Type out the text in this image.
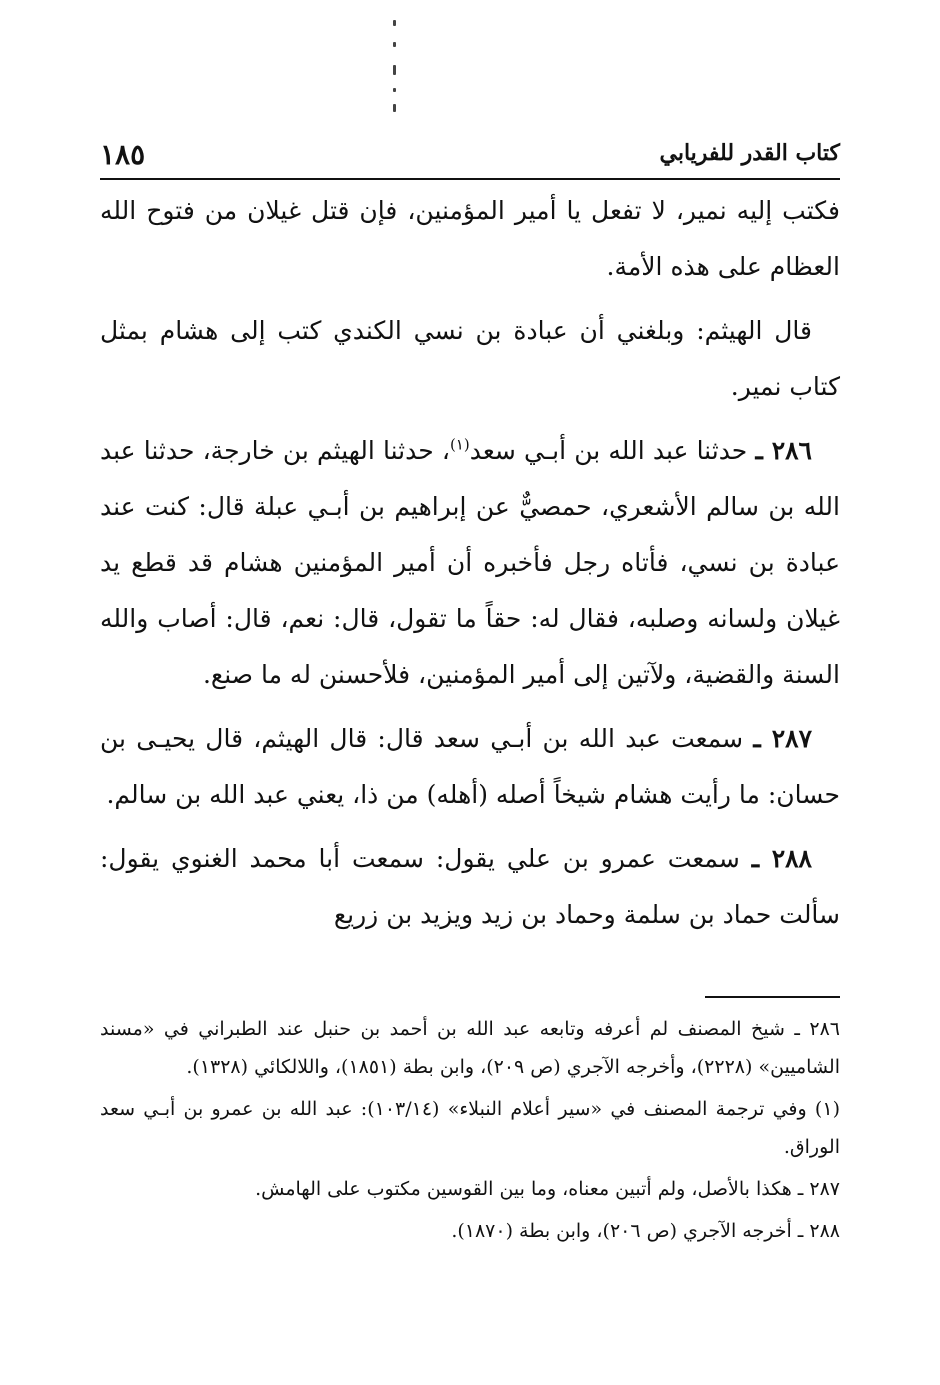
كتاب القدر للفريابي
١٨٥

فكتب إليه نمير، لا تفعل يا أمير المؤمنين، فإن قتل غيلان من فتوح الله العظام على هذه الأمة.

قال الهيثم: وبلغني أن عبادة بن نسي الكندي كتب إلى هشام بمثل كتاب نمير.

٢٨٦ ـ حدثنا عبد الله بن أبـي سعد$^{(١)}$، حدثنا الهيثم بن خارجة، حدثنا عبد الله بن سالم الأشعري، حمصيٌّ عن إبراهيم بن أبـي عبلة قال: كنت عند عبادة بن نسي، فأتاه رجل فأخبره أن أمير المؤمنين هشام قد قطع يد غيلان ولسانه وصلبه، فقال له: حقاً ما تقول، قال: نعم، قال: أصاب والله السنة والقضية، ولآتين إلى أمير المؤمنين، فلأحسنن له ما صنع.

٢٨٧ ـ سمعت عبد الله بن أبـي سعد قال: قال الهيثم، قال يحيـى بن حسان: ما رأيت هشام شيخاً أصله (أهله) من ذا، يعني عبد الله بن سالم.

٢٨٨ ـ سمعت عمرو بن علي يقول: سمعت أبا محمد الغنوي يقول: سألت حماد بن سلمة وحماد بن زيد ويزيد بن زريع

٢٨٦ ـ شيخ المصنف لم أعرفه وتابعه عبد الله بن أحمد بن حنبل عند الطبراني في «مسند الشاميين» (٢٢٢٨)، وأخرجه الآجري (ص ٢٠٩)، وابن بطة (١٨٥١)، واللالكائي (١٣٢٨).

(١) وفي ترجمة المصنف في «سير أعلام النبلاء» (١٠٣/١٤): عبد الله بن عمرو بن أبـي سعد الوراق.

٢٨٧ ـ هكذا بالأصل، ولم أتبين معناه، وما بين القوسين مكتوب على الهامش.

٢٨٨ ـ أخرجه الآجري (ص ٢٠٦)، وابن بطة (١٨٧٠).
